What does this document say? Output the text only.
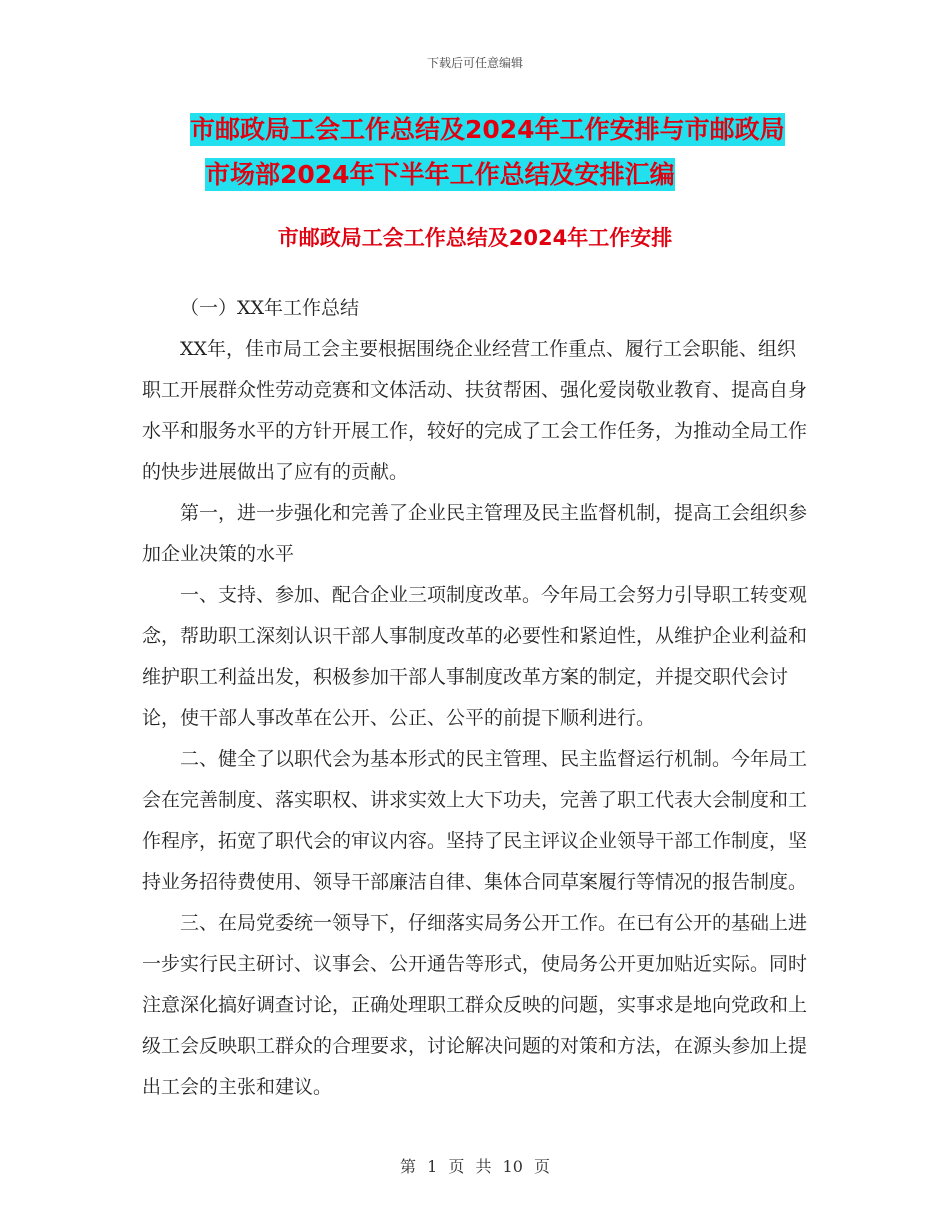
下载后可任意编辑
市邮政局工会工作总结及2024年工作安排与市邮政局
市场部2024年下半年工作总结及安排汇编
市邮政局工会工作总结及2024年工作安排

（一）XX年工作总结

XX年，佳市局工会主要根据围绕企业经营工作重点、履行工会职能、组织职工开展群众性劳动竞赛和文体活动、扶贫帮困、强化爱岗敬业教育、提高自身水平和服务水平的方针开展工作，较好的完成了工会工作任务，为推动全局工作的快步进展做出了应有的贡献。

第一，进一步强化和完善了企业民主管理及民主监督机制，提高工会组织参加企业决策的水平

一、支持、参加、配合企业三项制度改革。今年局工会努力引导职工转变观念，帮助职工深刻认识干部人事制度改革的必要性和紧迫性，从维护企业利益和维护职工利益出发，积极参加干部人事制度改革方案的制定，并提交职代会讨论，使干部人事改革在公开、公正、公平的前提下顺利进行。

二、健全了以职代会为基本形式的民主管理、民主监督运行机制。今年局工会在完善制度、落实职权、讲求实效上大下功夫，完善了职工代表大会制度和工作程序，拓宽了职代会的审议内容。坚持了民主评议企业领导干部工作制度，坚持业务招待费使用、领导干部廉洁自律、集体合同草案履行等情况的报告制度。

三、在局党委统一领导下，仔细落实局务公开工作。在已有公开的基础上进一步实行民主研讨、议事会、公开通告等形式，使局务公开更加贴近实际。同时注意深化搞好调查讨论，正确处理职工群众反映的问题，实事求是地向党政和上级工会反映职工群众的合理要求，讨论解决问题的对策和方法，在源头参加上提出工会的主张和建议。

第 1 页 共 10 页
